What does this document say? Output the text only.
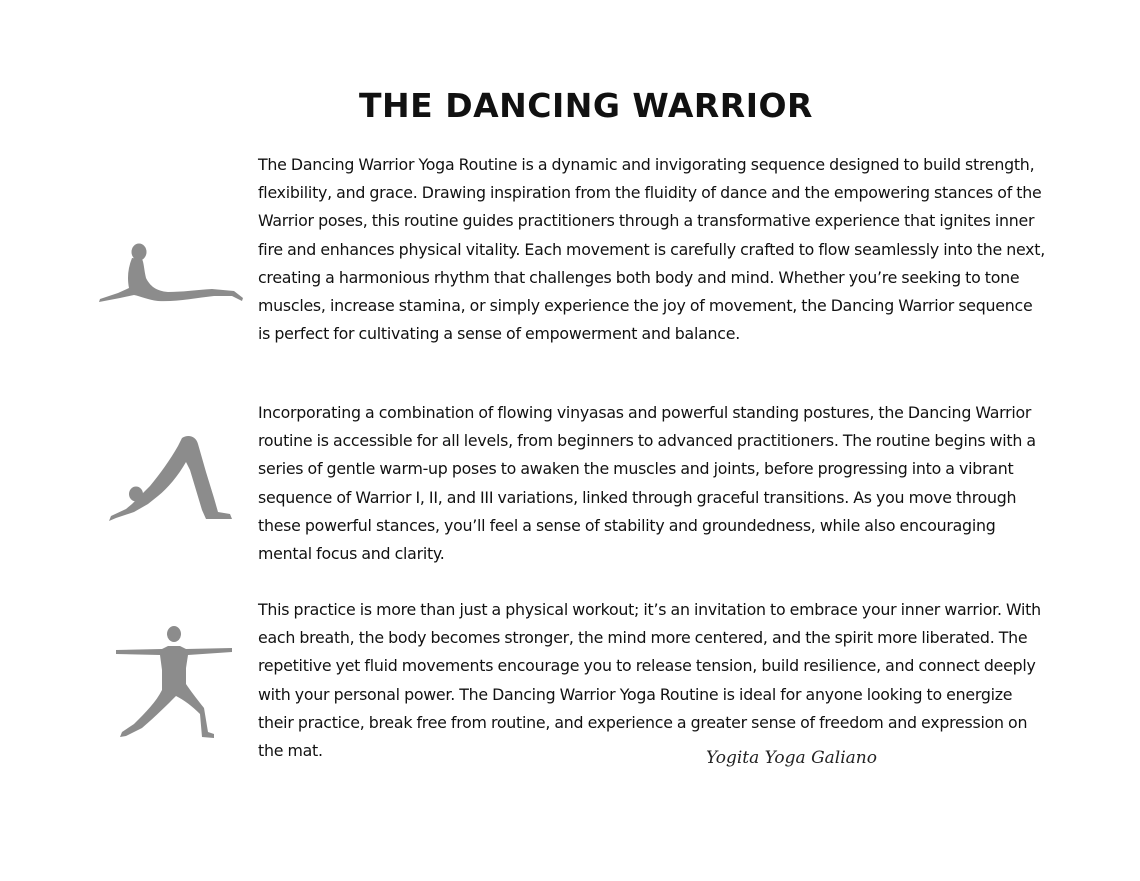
THE DANCING WARRIOR

The Dancing Warrior Yoga Routine is a dynamic and invigorating sequence designed to build strength, flexibility, and grace. Drawing inspiration from the fluidity of dance and the empowering stances of the Warrior poses, this routine guides practitioners through a transformative experience that ignites inner fire and enhances physical vitality. Each movement is carefully crafted to flow seamlessly into the next, creating a harmonious rhythm that challenges both body and mind. Whether you’re seeking to tone muscles, increase stamina, or simply experience the joy of movement, the Dancing Warrior sequence is perfect for cultivating a sense of empowerment and balance.

Incorporating a combination of flowing vinyasas and powerful standing postures, the Dancing Warrior routine is accessible for all levels, from beginners to advanced practitioners. The routine begins with a series of gentle warm-up poses to awaken the muscles and joints, before progressing into a vibrant sequence of Warrior I, II, and III variations, linked through graceful transitions. As you move through these powerful stances, you’ll feel a sense of stability and groundedness, while also encouraging mental focus and clarity.

This practice is more than just a physical workout; it’s an invitation to embrace your inner warrior. With each breath, the body becomes stronger, the mind more centered, and the spirit more liberated. The repetitive yet fluid movements encourage you to release tension, build resilience, and connect deeply with your personal power. The Dancing Warrior Yoga Routine is ideal for anyone looking to energize their practice, break free from routine, and experience a greater sense of freedom and expression on the mat.	Yogita Yoga Galiano
